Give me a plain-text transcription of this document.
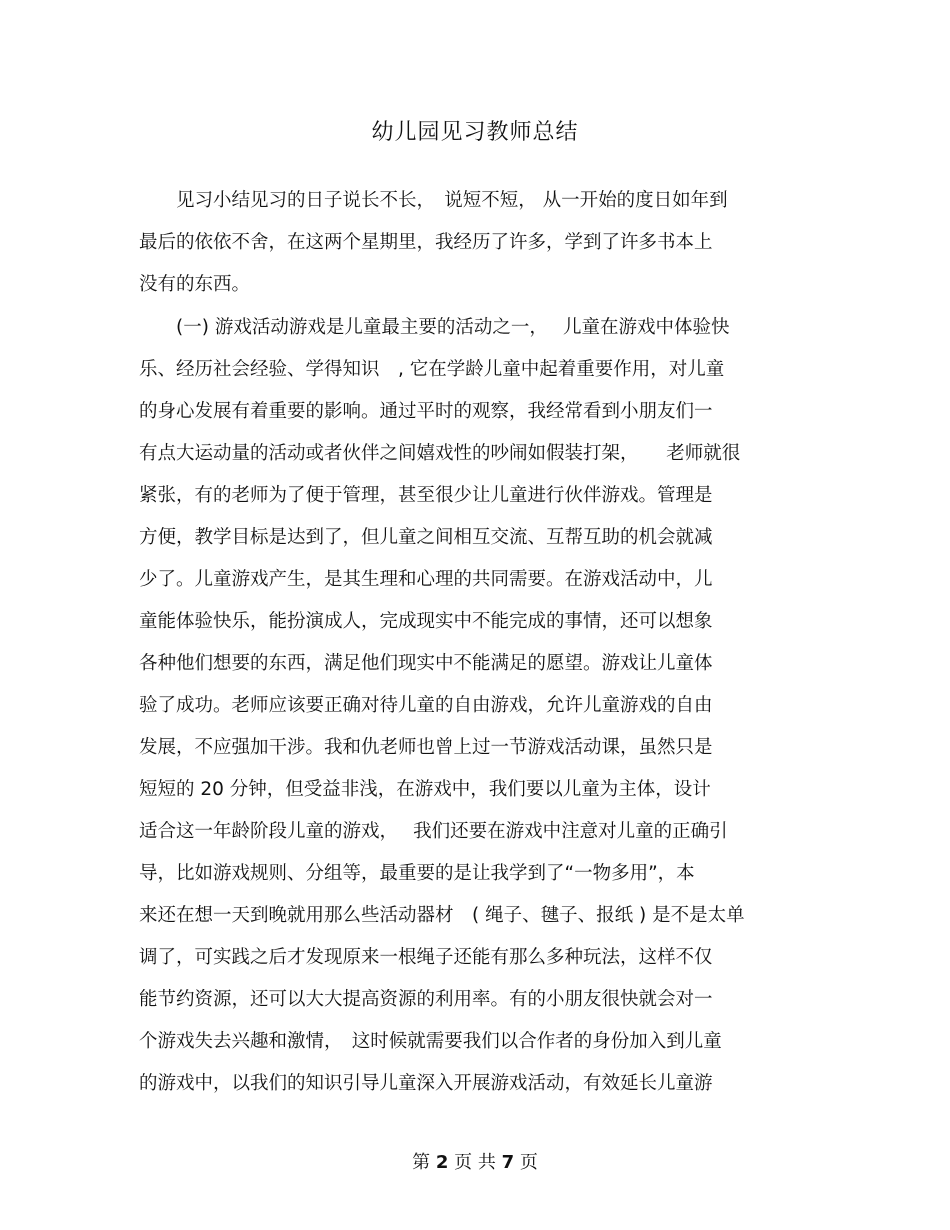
幼儿园见习教师总结
　　见习小结见习的日子说长不长，　说短不短， 从一开始的度日如年到
最后的依依不舍，在这两个星期里，我经历了许多，学到了许多书本上
没有的东西。
　　(一) 游戏活动游戏是儿童最主要的活动之一，　 儿童在游戏中体验快
乐、经历社会经验、学得知识　, 它在学龄儿童中起着重要作用，对儿童
的身心发展有着重要的影响。通过平时的观察，我经常看到小朋友们一
有点大运动量的活动或者伙伴之间嬉戏性的吵闹如假装打架，　　老师就很
紧张，有的老师为了便于管理，甚至很少让儿童进行伙伴游戏。管理是
方便，教学目标是达到了，但儿童之间相互交流、互帮互助的机会就减
少了。儿童游戏产生，是其生理和心理的共同需要。在游戏活动中，儿
童能体验快乐，能扮演成人，完成现实中不能完成的事情，还可以想象
各种他们想要的东西，满足他们现实中不能满足的愿望。游戏让儿童体
验了成功。老师应该要正确对待儿童的自由游戏，允许儿童游戏的自由
发展，不应强加干涉。我和仇老师也曾上过一节游戏活动课，虽然只是
短短的 20 分钟，但受益非浅，在游戏中，我们要以儿童为主体，设计
适合这一年龄阶段儿童的游戏，　 我们还要在游戏中注意对儿童的正确引
导，比如游戏规则、分组等，最重要的是让我学到了“一物多用”，本
来还在想一天到晚就用那么些活动器材　( 绳子、毽子、报纸 ) 是不是太单
调了，可实践之后才发现原来一根绳子还能有那么多种玩法，这样不仅
能节约资源，还可以大大提高资源的利用率。有的小朋友很快就会对一
个游戏失去兴趣和激情，　这时候就需要我们以合作者的身份加入到儿童
的游戏中，以我们的知识引导儿童深入开展游戏活动，有效延长儿童游
第 2 页 共 7 页
